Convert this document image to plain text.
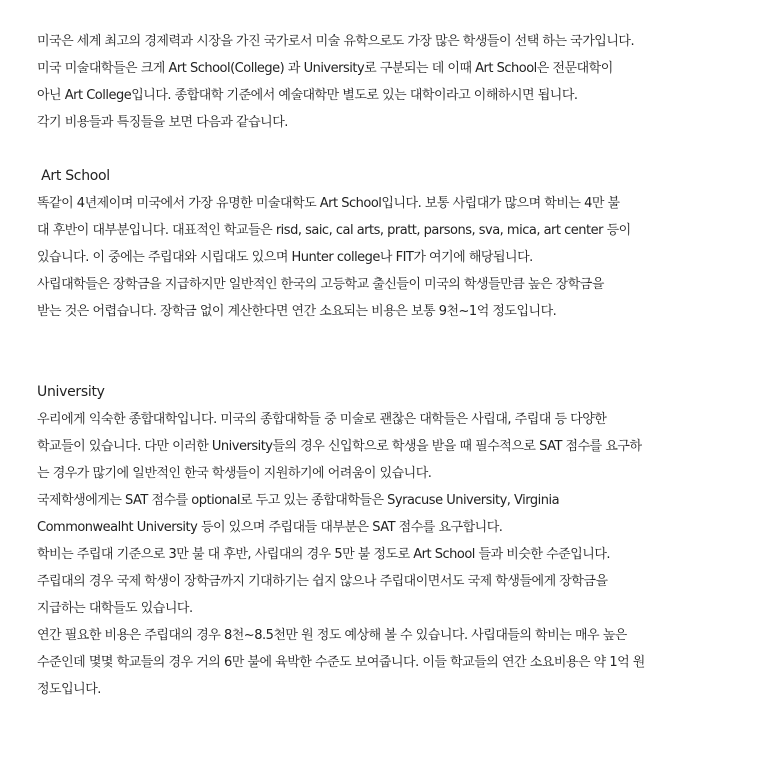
미국은 세계 최고의 경제력과 시장을 가진 국가로서 미술 유학으로도 가장 많은 학생들이 선택 하는 국가입니다.
미국 미술대학들은 크게 Art School(College) 과 University로 구분되는 데 이때 Art School은 전문대학이
아닌 Art College입니다. 종합대학 기준에서 예술대학만 별도로 있는 대학이라고 이해하시면 됩니다.
각기 비용들과 특징들을 보면 다음과 같습니다.
Art School
똑같이 4년제이며 미국에서 가장 유명한 미술대학도 Art School입니다. 보통 사립대가 많으며 학비는 4만 불
대 후반이 대부분입니다. 대표적인 학교들은 risd, saic, cal arts, pratt, parsons, sva, mica, art center 등이
있습니다. 이 중에는 주립대와 시립대도 있으며 Hunter college나 FIT가 여기에 해당됩니다.
사립대학들은 장학금을 지급하지만 일반적인 한국의 고등학교 출신들이 미국의 학생들만큼 높은 장학금을
받는 것은 어렵습니다. 장학금 없이 계산한다면 연간 소요되는 비용은 보통 9천~1억 정도입니다.
University
우리에게 익숙한 종합대학입니다. 미국의 종합대학들 중 미술로 괜찮은 대학들은 사립대, 주립대 등 다양한
학교들이 있습니다. 다만 이러한 University들의 경우 신입학으로 학생을 받을 때 필수적으로 SAT 점수를 요구하
는 경우가 많기에 일반적인 한국 학생들이 지원하기에 어려움이 있습니다.
국제학생에게는 SAT 점수를 optional로 두고 있는 종합대학들은 Syracuse University, Virginia
Commonwealht University 등이 있으며 주립대들 대부분은 SAT 점수를 요구합니다.
학비는 주립대 기준으로 3만 불 대 후반, 사립대의 경우 5만 불 정도로 Art School 들과 비슷한 수준입니다.
주립대의 경우 국제 학생이 장학금까지 기대하기는 쉽지 않으나 주립대이면서도 국제 학생들에게 장학금을
지급하는 대학들도 있습니다.
연간 필요한 비용은 주립대의 경우 8천~8.5천만 원 정도 예상해 볼 수 있습니다. 사립대들의 학비는 매우 높은
수준인데 몇몇 학교들의 경우 거의 6만 불에 육박한 수준도 보여줍니다. 이들 학교들의 연간 소요비용은 약 1억 원
정도입니다.
